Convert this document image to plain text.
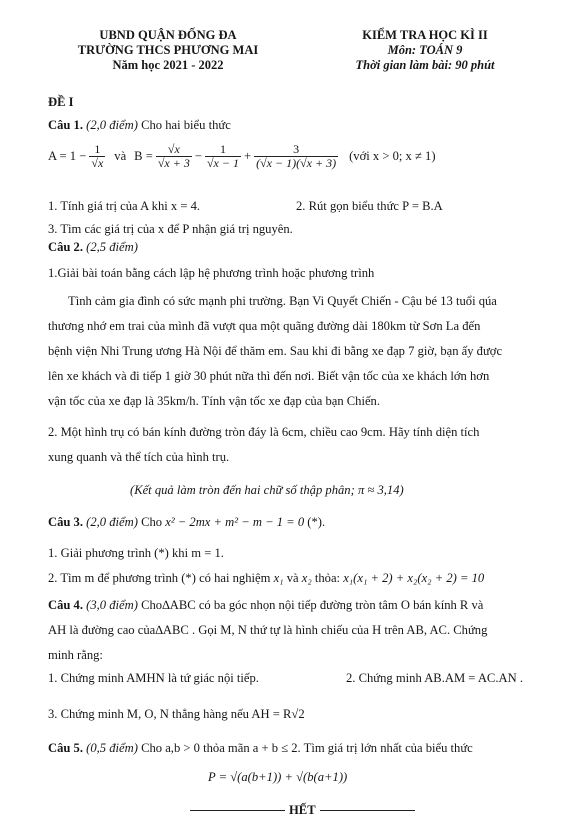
UBND QUẬN ĐỐNG ĐA
TRƯỜNG THCS PHƯƠNG MAI
Năm học 2021 - 2022
KIỂM TRA HỌC KÌ II
Môn: TOÁN 9
Thời gian làm bài: 90 phút
ĐỀ I
Câu 1. (2,0 điểm) Cho hai biểu thức
A = 1 − 1
√ x và $B = \frac{√x}{√x + 3} - \frac{1}{√x - 1} + \frac{3}{(√x - 1)(√x + 3)}$ (với x > 0; x ≠ 1)
1. Tính giá trị của A khi x = 4.	2. Rút gọn biểu thức P = B.A
3. Tìm các giá trị của x để P nhận giá trị nguyên.
Câu 2. (2,5 điểm)
1.Giải bài toán bằng cách lập hệ phương trình hoặc phương trình
Tình cảm gia đình có sức mạnh phi trường. Bạn Vi Quyết Chiến - Cậu bé 13 tuổi qúa
thương nhớ em trai của mình đã vượt qua một quãng đường dài 180km từ Sơn La đến
bệnh viện Nhi Trung ương Hà Nội để thăm em. Sau khi đi bằng xe đạp 7 giờ, bạn ấy được
lên xe khách và đi tiếp 1 giờ 30 phút nữa thì đến nơi. Biết vận tốc của xe khách lớn hơn
vận tốc của xe đạp là 35km/h. Tính vận tốc xe đạp của bạn Chiến.
2. Một hình trụ có bán kính đường tròn đáy là 6cm, chiều cao 9cm. Hãy tính diện tích
xung quanh và thể tích của hình trụ.
(Kết quả làm tròn đến hai chữ số thập phân; π ≈ 3,14)
Câu 3. (2,0 điểm) Cho x² − 2mx + m² − m − 1 = 0 (*).
1. Giải phương trình (*) khi m = 1.
2. Tìm m để phương trình (*) có hai nghiệm x₁ và x₂ thỏa: x₁(x₁ + 2) + x₂(x₂ + 2) = 10
Câu 4. (3,0 điểm) Cho∆ABC có ba góc nhọn nội tiếp đường tròn tâm O bán kính R và
AH là đường cao của∆ABC . Gọi M, N thứ tự là hình chiếu của H trên AB, AC. Chứng
minh rằng:
1. Chứng minh AMHN là tứ giác nội tiếp.	2. Chứng minh AB.AM = AC.AN .
3. Chứng minh M, O, N thẳng hàng nếu AH = R√2
Câu 5. (0,5 điểm) Cho a,b > 0 thỏa mãn a + b ≤ 2. Tìm giá trị lớn nhất của biểu thức
P = √(a(b+1)) + √(b(a+1))
HẾT
